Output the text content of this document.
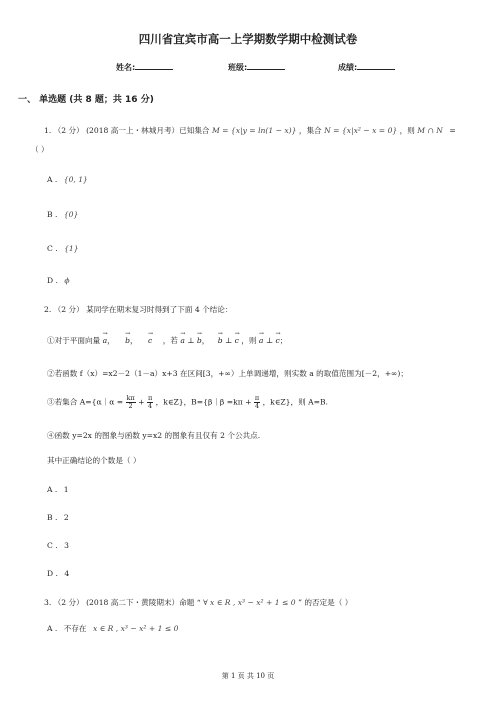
四川省宜宾市高一上学期数学期中检测试卷
姓名:	班级:	成绩:
一、 单选题 (共 8 题；共 16 分)
1. （2 分） (2018 高一上・林城月考）已知集合 M = {x|y = ln(1 − x)} ，集合 N = {x|x² − x = 0} ，则 M ∩ N =
（ ）
A . {0, 1}
B . {0}
C . {1}
D . ϕ
2. （2 分） 某同学在期末复习时得到了下面 4 个结论：
①对于平面向量 → a， → b， → c ，若 → a ⊥ → b， → b ⊥ → c ，则 → a ⊥ → c；
②若函数 f（x）=x2－2（1－a）x+3 在区间[3，+∞）上单调递增，则实数 a 的取值范围为[－2，+∞)；
③若集合 A={α｜α = $\frac{k\pi}{2} + \frac{\pi}{4}$ ，k∈Z}，B={β｜β $=k\pi + \frac{\pi}{4}$ ，k∈Z}，则 A=B.
④函数 y=2x 的图象与函数 y=x2 的图象有且仅有 2 个公共点.
其中正确结论的个数是（ ）
A . 1
B . 2
C . 3
D . 4
3. （2 分） (2018 高二下・黄陵期末）命题 “ ∀ x ∈ R , x³ − x² + 1 ≤ 0 ” 的否定是（ ）
A . 不存在 x ∈ R , x³ − x² + 1 ≤ 0
第 1 页 共 10 页
